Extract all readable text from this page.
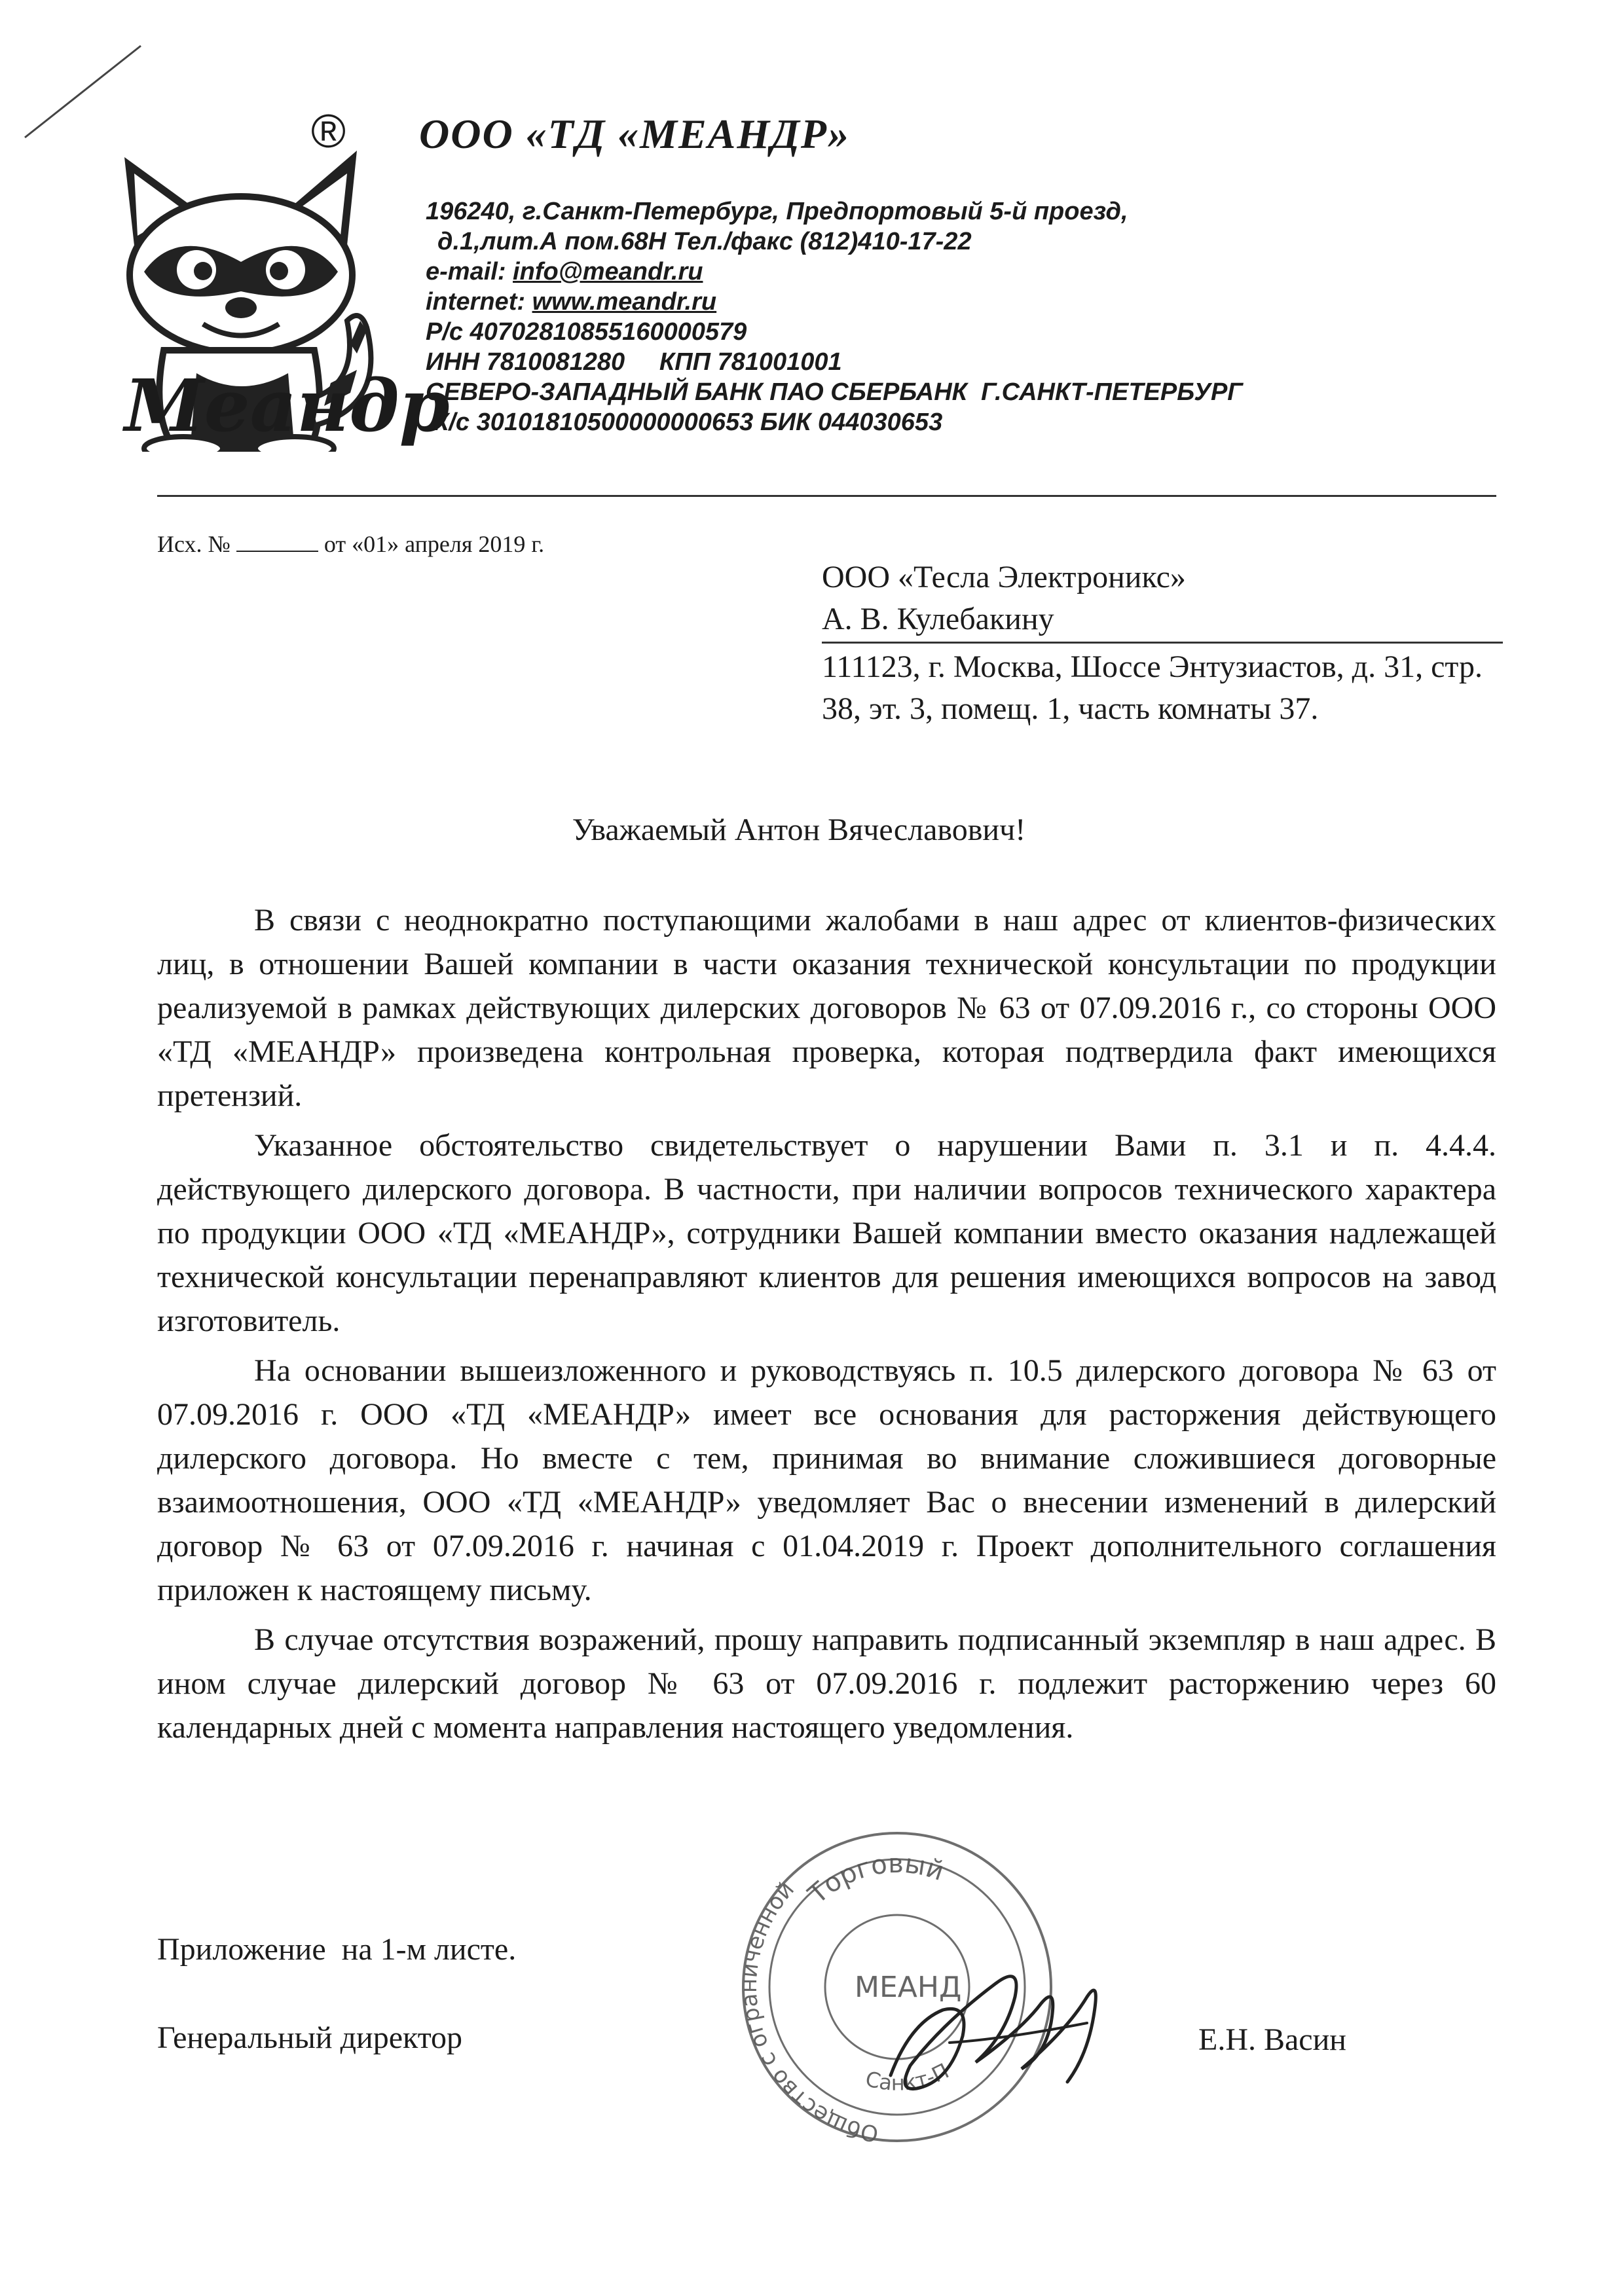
Меандр
® ООО «ТД «МЕАНДР»
196240, г.Санкт-Петербург, Предпортовый 5-й проезд,
д.1,лит.А пом.68Н Тел./факс (812)410-17-22
e-mail: info@meandr.ru
internet: www.meandr.ru
Р/с 40702810855160000579
ИНН 7810081280     КПП 781001001
СЕВЕРО-ЗАПАДНЫЙ БАНК ПАО СБЕРБАНК  Г.САНКТ-ПЕТЕРБУРГ
К/с 30101810500000000653 БИК 044030653
Исх. №	от «01» апреля 2019 г.
ООО «Тесла Электроникс»
А. В. Кулебакину
111123, г. Москва, Шоссе Энтузиастов, д. 31, стр. 38, эт. 3, помещ. 1, часть комнаты 37.
Уважаемый Антон Вячеславович!

В связи с неоднократно поступающими жалобами в наш адрес от клиентов-физических лиц, в отношении Вашей компании в части оказания технической консультации по продукции реализуемой в рамках действующих дилерских договоров № 63 от 07.09.2016 г., со стороны ООО «ТД «МЕАНДР» произведена контрольная проверка, которая подтвердила факт имеющихся претензий.

Указанное обстоятельство свидетельствует о нарушении Вами п. 3.1 и п. 4.4.4. действующего дилерского договора. В частности, при наличии вопросов технического характера по продукции ООО «ТД «МЕАНДР», сотрудники Вашей компании вместо оказания надлежащей технической консультации перенаправляют клиентов для решения имеющихся вопросов на завод изготовитель.

На основании вышеизложенного и руководствуясь п. 10.5 дилерского договора № 63 от 07.09.2016 г. ООО «ТД «МЕАНДР» имеет все основания для расторжения действующего дилерского договора. Но вместе с тем, принимая во внимание сложившиеся договорные взаимоотношения, ООО «ТД «МЕАНДР» уведомляет Вас о внесении изменений в дилерский договор № 63 от 07.09.2016 г. начиная с 01.04.2019 г. Проект дополнительного соглашения приложен к настоящему письму.

В случае отсутствия возражений, прошу направить подписанный экземпляр в наш адрес. В ином случае дилерский договор № 63 от 07.09.2016 г. подлежит расторжению через 60 календарных дней с момента направления настоящего уведомления.

Приложение  на 1-м листе.
Генеральный директор	Е.Н. Васин
Общество с ограниченной Торговый
МЕАНД
Санкт-П
